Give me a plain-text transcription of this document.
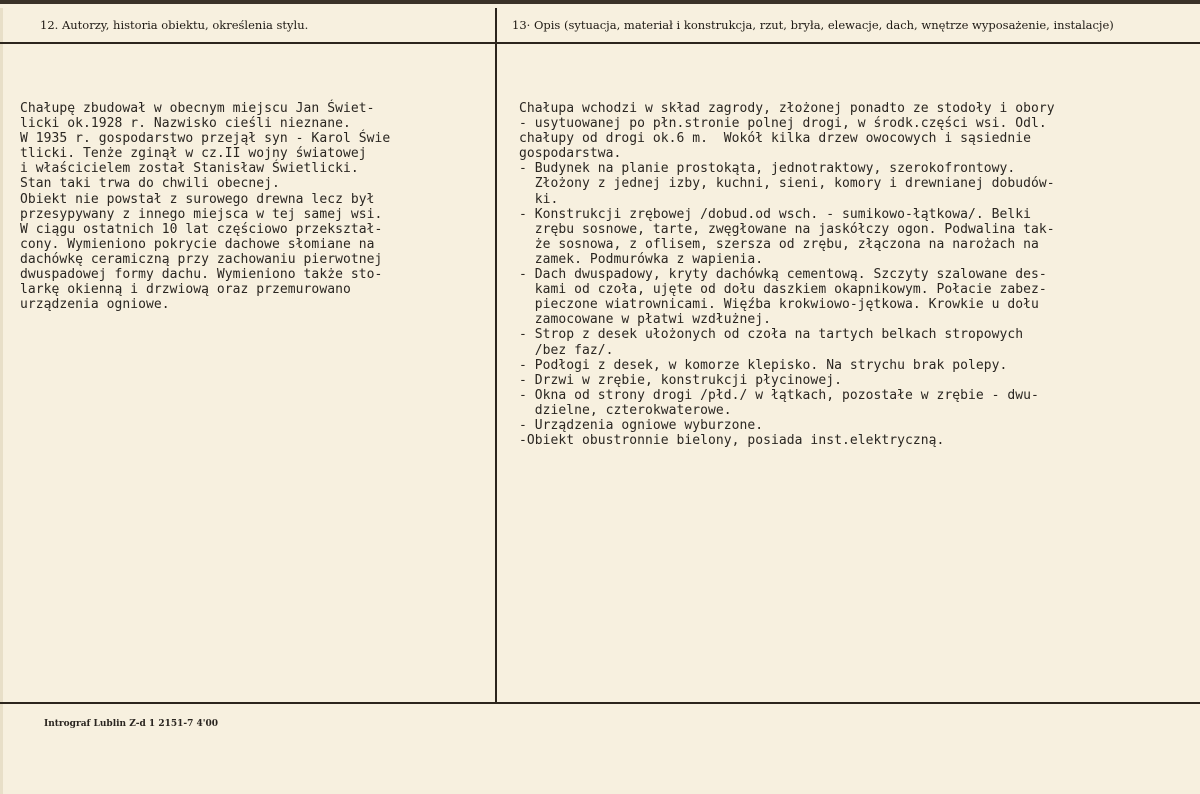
12. Autorzy, historia obiektu, określenia stylu.	13· Opis (sytuacja, materiał i konstrukcja, rzut, bryła, elewacje, dach, wnętrze wyposażenie, instalacje)
Chałupę zbudował w obecnym miejscu Jan Świet-
licki ok.1928 r. Nazwisko cieśli nieznane.
W 1935 r. gospodarstwo przejął syn - Karol Świe
tlicki. Tenże zginął w cz.II wojny światowej
i właścicielem został Stanisław Świetlicki.
Stan taki trwa do chwili obecnej.
Obiekt nie powstał z surowego drewna lecz był
przesypywany z innego miejsca w tej samej wsi.
W ciągu ostatnich 10 lat częściowo przekształ-
cony. Wymieniono pokrycie dachowe słomiane na
dachówkę ceramiczną przy zachowaniu pierwotnej
dwuspadowej formy dachu. Wymieniono także sto-
larkę okienną i drzwiową oraz przemurowano
urządzenia ogniowe.
Chałupa wchodzi w skład zagrody, złożonej ponadto ze stodoły i obory
- usytuowanej po płn.stronie polnej drogi, w środk.części wsi. Odl.
chałupy od drogi ok.6 m.  Wokół kilka drzew owocowych i sąsiednie
gospodarstwa.
- Budynek na planie prostokąta, jednotraktowy, szerokofrontowy.
Złożony z jednej izby, kuchni, sieni, komory i drewnianej dobudów-
ki.
- Konstrukcji zrębowej /dobud.od wsch. - sumikowo-łątkowa/. Belki
zrębu sosnowe, tarte, zwęgłowane na jaskółczy ogon. Podwalina tak-
że sosnowa, z oflisem, szersza od zrębu, złączona na narożach na
zamek. Podmurówka z wapienia.
- Dach dwuspadowy, kryty dachówką cementową. Szczyty szalowane des-
kami od czoła, ujęte od dołu daszkiem okapnikowym. Połacie zabez-
pieczone wiatrownicami. Więźba krokwiowo-jętkowa. Krowkie u dołu
zamocowane w płatwi wzdłużnej.
- Strop z desek ułożonych od czoła na tartych belkach stropowych
/bez faz/.
- Podłogi z desek, w komorze klepisko. Na strychu brak polepy.
- Drzwi w zrębie, konstrukcji płycinowej.
- Okna od strony drogi /płd./ w łątkach, pozostałe w zrębie - dwu-
dzielne, czterokwaterowe.
- Urządzenia ogniowe wyburzone.
-Obiekt obustronnie bielony, posiada inst.elektryczną.
Intrograf Lublin Z-d 1 2151-7 4'00
